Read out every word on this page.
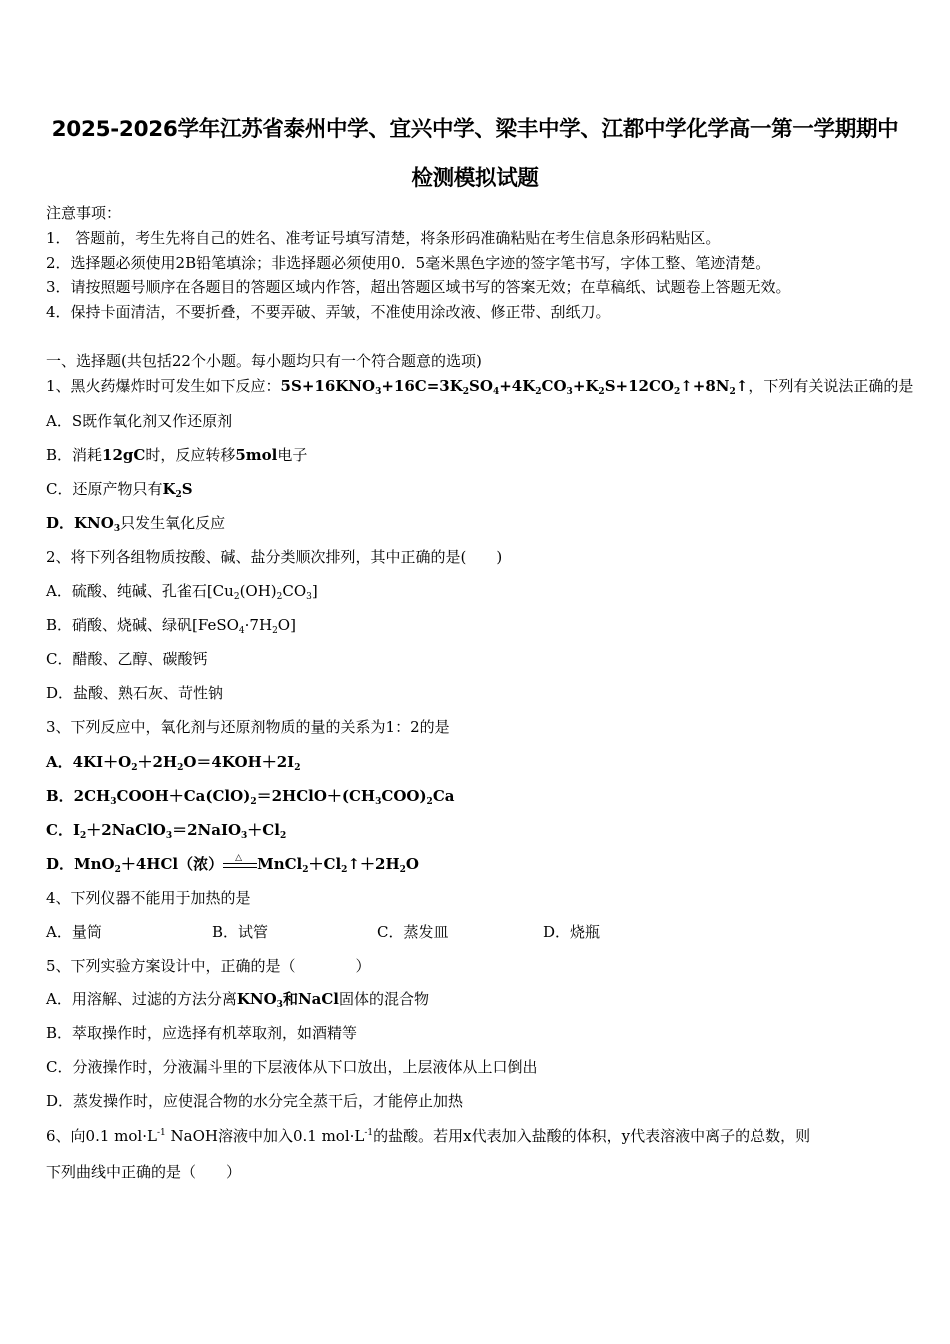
2025-2026学年江苏省泰州中学、宜兴中学、梁丰中学、江都中学化学高一第一学期期中
检测模拟试题
注意事项：
1． 答题前，考生先将自己的姓名、准考证号填写清楚，将条形码准确粘贴在考生信息条形码粘贴区。
2．选择题必须使用2B铅笔填涂；非选择题必须使用0．5毫米黑色字迹的签字笔书写，字体工整、笔迹清楚。
3．请按照题号顺序在各题目的答题区域内作答，超出答题区域书写的答案无效；在草稿纸、试题卷上答题无效。
4．保持卡面清洁，不要折叠，不要弄破、弄皱，不准使用涂改液、修正带、刮纸刀。
一、选择题(共包括22个小题。每小题均只有一个符合题意的选项)
1、黑火药爆炸时可发生如下反应：$5S+16KNO_3+16C=3K_2SO_4+4K_2CO_3+K_2S+12CO_2↑+8N_2↑$，下列有关说法正确的是
A．S既作氧化剂又作还原剂
B．消耗12gC时，反应转移5mol电子
C．还原产物只有$K_2S$
D．$KNO_3$只发生氧化反应
2、将下列各组物质按酸、碱、盐分类顺次排列，其中正确的是(　　)
A．硫酸、纯碱、孔雀石$[Cu_2(OH)_2CO_3]$
B．硝酸、烧碱、绿矾$[FeSO_4\cdot 7H_2O]$
C．醋酸、乙醇、碳酸钙
D．盐酸、熟石灰、苛性钠
3、下列反应中，氧化剂与还原剂物质的量的关系为1：2的是
A．$4KI+O_2+2H_2O=4KOH+2I_2$
B．$2CH_3COOH+Ca(ClO)_2=2HClO+(CH_3COO)_2Ca$
C．$I_2+2NaClO_3=2NaIO_3+Cl_2$
D．MnO$_2$＋4HCl（浓） △ $MnCl_2+Cl_2↑+2H_2O$
4、下列仪器不能用于加热的是
A．量筒	B．试管	C．蒸发皿	D．烧瓶
5、下列实验方案设计中，正确的是（　　　　）
A．用溶解、过滤的方法分离$KNO_3$和NaCl固体的混合物
B．萃取操作时，应选择有机萃取剂，如酒精等
C．分液操作时，分液漏斗里的下层液体从下口放出，上层液体从上口倒出
D．蒸发操作时，应使混合物的水分完全蒸干后，才能停止加热
6、向0.1 $mol\cdot L^{-1}$ NaOH溶液中加入0.1 $mol\cdot L^{-1}$的盐酸。若用x代表加入盐酸的体积，y代表溶液中离子的总数，则
下列曲线中正确的是（　　）
